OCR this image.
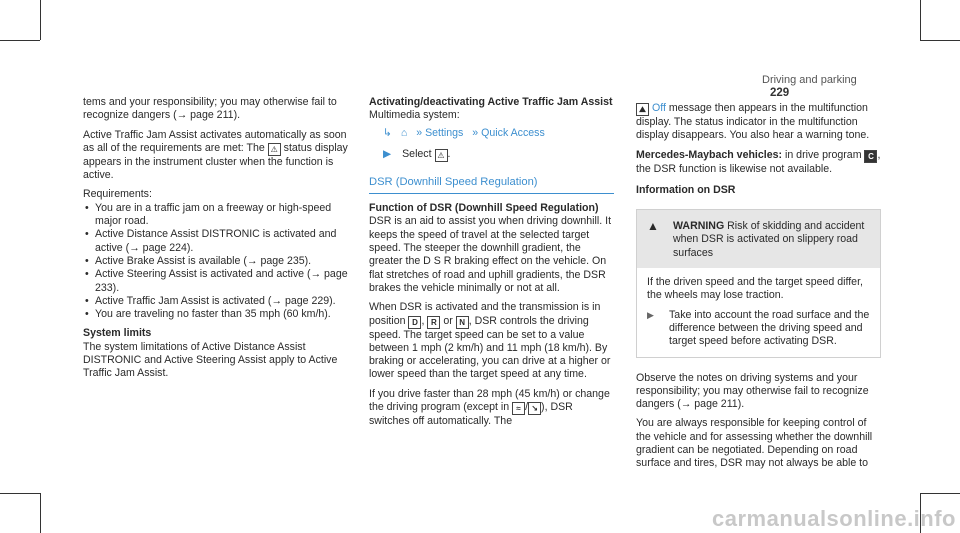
Driving and parking 229

tems and your responsibility; you may otherwise fail to recognize dangers (→ page 211).

Active Traffic Jam Assist activates automatically as soon as all of the requirements are met: The ⚠ status display appears in the instrument cluster when the function is active.

Requirements:

• You are in a traffic jam on a freeway or high-speed major road.
• Active Distance Assist DISTRONIC is activated and active (→ page 224).
• Active Brake Assist is available (→ page 235).
• Active Steering Assist is activated and active (→ page 233).
• Active Traffic Jam Assist is activated (→ page 229).
• You are traveling no faster than 35 mph (60 km/h).

System limits

The system limitations of Active Distance Assist DISTRONIC and Active Steering Assist apply to Active Traffic Jam Assist.

Activating/deactivating Active Traffic Jam Assist

Multimedia system:

↳ ⌂ » Settings » Quick Access

▶ Select ⚠ .

DSR (Downhill Speed Regulation)

Function of DSR (Downhill Speed Regulation)

DSR is an aid to assist you when driving downhill. It keeps the speed of travel at the selected target speed. The steeper the downhill gradient, the greater the D S R braking effect on the vehicle. On flat stretches of road and uphill gradients, the DSR brakes the vehicle minimally or not at all.

When DSR is activated and the transmission is in position D , R or N , DSR controls the driving speed. The target speed can be set to a value between 1 mph (2 km/h) and 11 mph (18 km/h). By braking or accelerating, you can drive at a higher or lower speed than the target speed at any time.

If you drive faster than 28 mph (45 km/h) or change the driving program (except in ≈ / ↘ ), DSR switches off automatically. The

⛰ Off message then appears in the multifunction display. The status indicator in the multifunction display disappears. You also hear a warning tone.

Mercedes-Maybach vehicles: in drive program C , the DSR function is likewise not available.

Information on DSR

▲	WARNING Risk of skidding and accident when DSR is activated on slippery road surfaces

If the driven speed and the target speed differ, the wheels may lose traction.

▶	Take into account the road surface and the difference between the driving speed and target speed before activating DSR.

Observe the notes on driving systems and your responsibility; you may otherwise fail to recognize dangers (→ page 211).

You are always responsible for keeping control of the vehicle and for assessing whether the downhill gradient can be negotiated. Depending on road surface and tires, DSR may not always be able to

carmanualsonline.info
